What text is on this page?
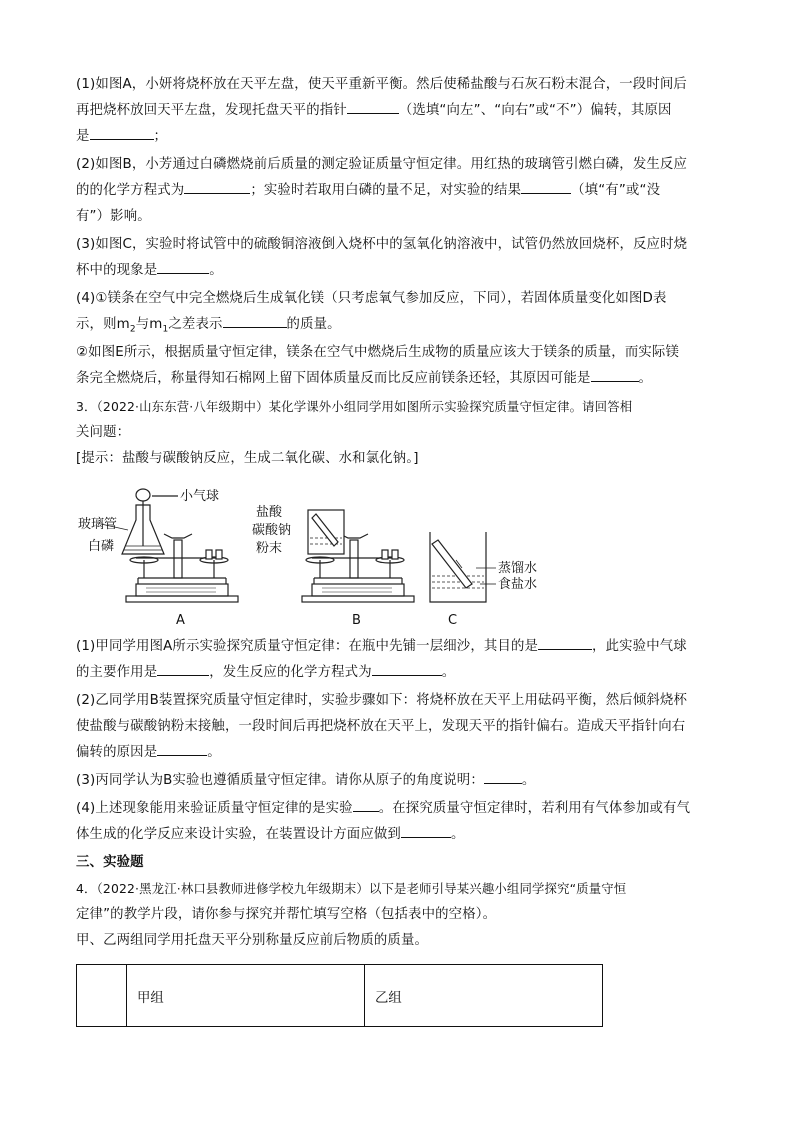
(1)如图A，小妍将烧杯放在天平左盘，使天平重新平衡。然后使稀盐酸与石灰石粉末混合，一段时间后
再把烧杯放回天平左盘，发现托盘天平的指针	（选填“向左”、“向右”或“不”）偏转，其原因
是	；
(2)如图B，小芳通过白磷燃烧前后质量的测定验证质量守恒定律。用红热的玻璃管引燃白磷，发生反应
的的化学方程式为	；实验时若取用白磷的量不足，对实验的结果	（填“有”或“没
有”）影响。
(3)如图C，实验时将试管中的硫酸铜溶液倒入烧杯中的氢氧化钠溶液中，试管仍然放回烧杯，反应时烧
杯中的现象是	。
(4)①镁条在空气中完全燃烧后生成氧化镁（只考虑氧气参加反应，下同），若固体质量变化如图D表
示，则$m_2$与$m_1$之差表示	的质量。
②如图E所示，根据质量守恒定律，镁条在空气中燃烧后生成物的质量应该大于镁条的质量，而实际镁
条完全燃烧后，称量得知石棉网上留下固体质量反而比反应前镁条还轻，其原因可能是	。
3．（2022·山东东营·八年级期中）某化学课外小组同学用如图所示实验探究质量守恒定律。请回答相
关问题：
[提示：盐酸与碳酸钠反应，生成二氧化碳、水和氯化钠。]
小气球
玻璃管
白磷
A
盐酸
碳酸钠
粉末
B
蒸馏水
食盐水
C
(1)甲同学用图A所示实验探究质量守恒定律：在瓶中先铺一层细沙，其目的是	，此实验中气球
的主要作用是	，发生反应的化学方程式为	。
(2)乙同学用B装置探究质量守恒定律时，实验步骤如下：将烧杯放在天平上用砝码平衡，然后倾斜烧杯
使盐酸与碳酸钠粉末接触，一段时间后再把烧杯放在天平上，发现天平的指针偏右。造成天平指针向右
偏转的原因是	。
(3)丙同学认为B实验也遵循质量守恒定律。请你从原子的角度说明：	。
(4)上述现象能用来验证质量守恒定律的是实验 。在探究质量守恒定律时，若利用有气体参加或有气
体生成的化学反应来设计实验，在装置设计方面应做到	。
三、实验题
4．（2022·黑龙江·林口县教师进修学校九年级期末）以下是老师引导某兴趣小组同学探究“质量守恒
定律”的教学片段，请你参与探究并帮忙填写空格（包括表中的空格）。
甲、乙两组同学用托盘天平分别称量反应前后物质的质量。
	甲组	乙组
